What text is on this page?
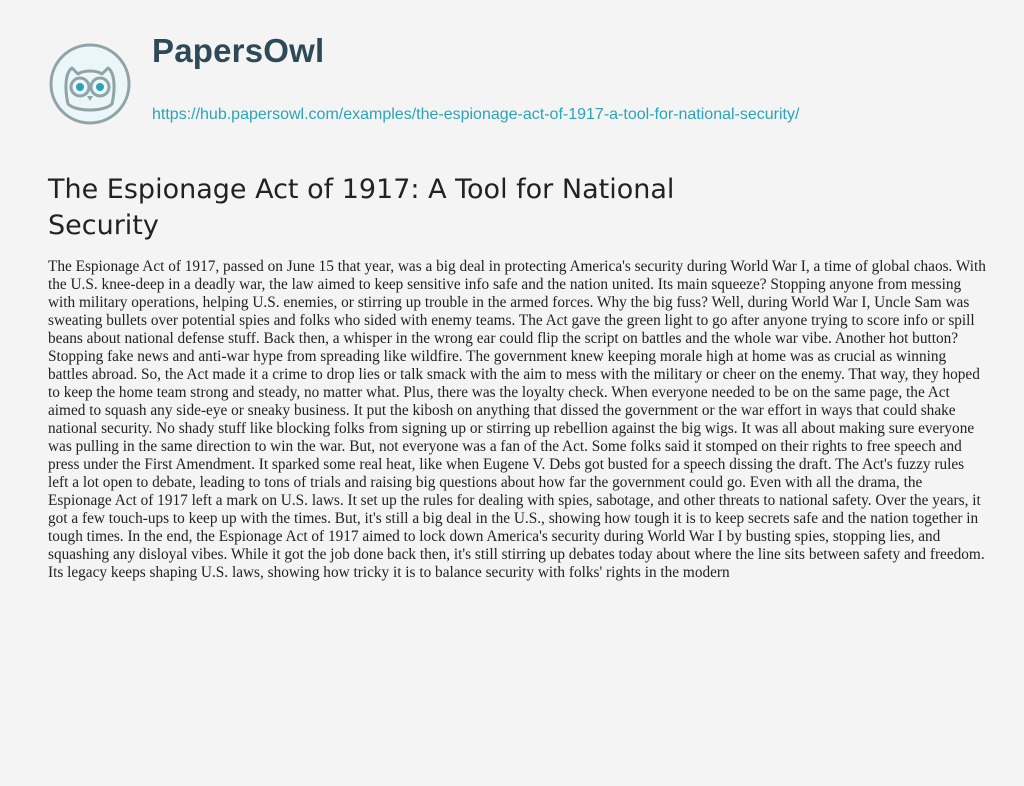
PapersOwl
https://hub.papersowl.com/examples/the-espionage-act-of-1917-a-tool-for-national-security/
The Espionage Act of 1917: A Tool for National Security

The Espionage Act of 1917, passed on June 15 that year, was a big deal in protecting America's security during World War I, a time of global chaos. With the U.S. knee-deep in a deadly war, the law aimed to keep sensitive info safe and the nation united. Its main squeeze? Stopping anyone from messing with military operations, helping U.S. enemies, or stirring up trouble in the armed forces. Why the big fuss? Well, during World War I, Uncle Sam was sweating bullets over potential spies and folks who sided with enemy teams. The Act gave the green light to go after anyone trying to score info or spill beans about national defense stuff. Back then, a whisper in the wrong ear could flip the script on battles and the whole war vibe. Another hot button? Stopping fake news and anti-war hype from spreading like wildfire. The government knew keeping morale high at home was as crucial as winning battles abroad. So, the Act made it a crime to drop lies or talk smack with the aim to mess with the military or cheer on the enemy. That way, they hoped to keep the home team strong and steady, no matter what. Plus, there was the loyalty check. When everyone needed to be on the same page, the Act aimed to squash any side-eye or sneaky business. It put the kibosh on anything that dissed the government or the war effort in ways that could shake national security. No shady stuff like blocking folks from signing up or stirring up rebellion against the big wigs. It was all about making sure everyone was pulling in the same direction to win the war. But, not everyone was a fan of the Act. Some folks said it stomped on their rights to free speech and press under the First Amendment. It sparked some real heat, like when Eugene V. Debs got busted for a speech dissing the draft. The Act's fuzzy rules left a lot open to debate, leading to tons of trials and raising big questions about how far the government could go. Even with all the drama, the Espionage Act of 1917 left a mark on U.S. laws. It set up the rules for dealing with spies, sabotage, and other threats to national safety. Over the years, it got a few touch-ups to keep up with the times. But, it's still a big deal in the U.S., showing how tough it is to keep secrets safe and the nation together in tough times. In the end, the Espionage Act of 1917 aimed to lock down America's security during World War I by busting spies, stopping lies, and squashing any disloyal vibes. While it got the job done back then, it's still stirring up debates today about where the line sits between safety and freedom. Its legacy keeps shaping U.S. laws, showing how tricky it is to balance security with folks' rights in the modern
